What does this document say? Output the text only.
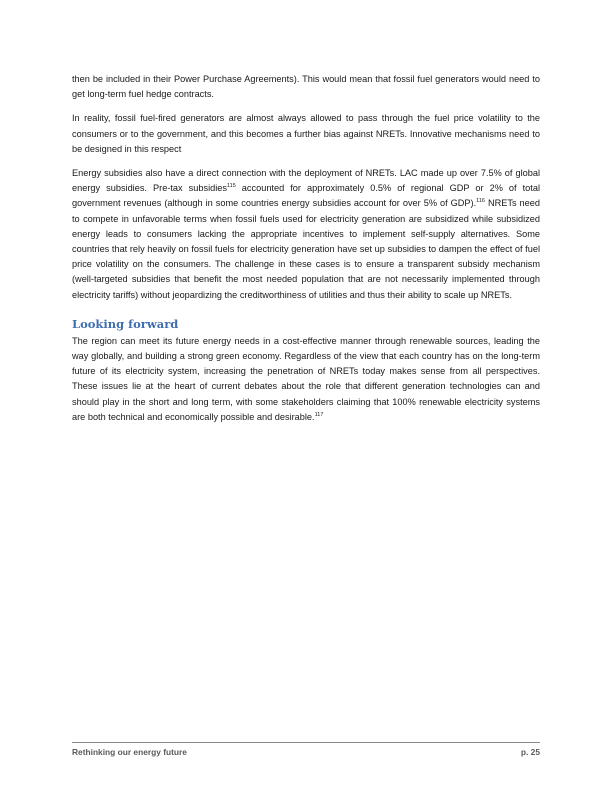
then be included in their Power Purchase Agreements). This would mean that fossil fuel generators would need to get long-term fuel hedge contracts.

In reality, fossil fuel-fired generators are almost always allowed to pass through the fuel price volatility to the consumers or to the government, and this becomes a further bias against NRETs. Innovative mechanisms need to be designed in this respect

Energy subsidies also have a direct connection with the deployment of NRETs. LAC made up over 7.5% of global energy subsidies. Pre-tax subsidies$^{115}$ accounted for approximately 0.5% of regional GDP or 2% of total government revenues (although in some countries energy subsidies account for over 5% of GDP).$^{116}$ NRETs need to compete in unfavorable terms when fossil fuels used for electricity generation are subsidized while subsidized energy leads to consumers lacking the appropriate incentives to implement self-supply alternatives. Some countries that rely heavily on fossil fuels for electricity generation have set up subsidies to dampen the effect of fuel price volatility on the consumers. The challenge in these cases is to ensure a transparent subsidy mechanism (well-targeted subsidies that benefit the most needed population that are not necessarily implemented through electricity tariffs) without jeopardizing the creditworthiness of utilities and thus their ability to scale up NRETs.

Looking forward

The region can meet its future energy needs in a cost-effective manner through renewable sources, leading the way globally, and building a strong green economy. Regardless of the view that each country has on the long-term future of its electricity system, increasing the penetration of NRETs today makes sense from all perspectives. These issues lie at the heart of current debates about the role that different generation technologies can and should play in the short and long term, with some stakeholders claiming that 100% renewable electricity systems are both technical and economically possible and desirable.$^{117}$

Rethinking our energy future	p. 25
